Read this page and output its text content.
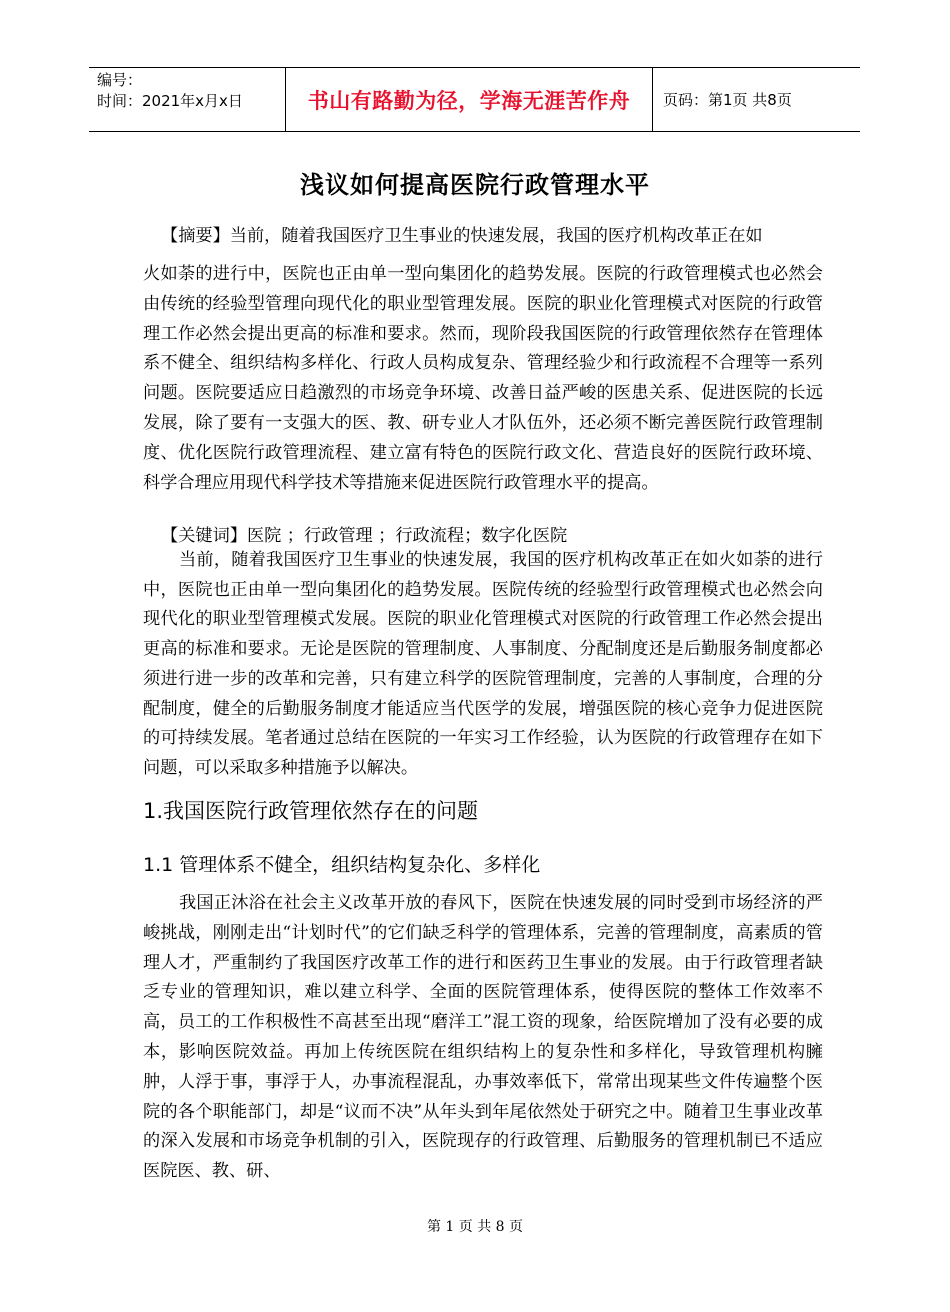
编号：
时间：2021年x月x日	书山有路勤为径，学海无涯苦作舟	页码：第1页 共8页
浅议如何提高医院行政管理水平
【摘要】当前，随着我国医疗卫生事业的快速发展，我国的医疗机构改革正在如
火如荼的进行中，医院也正由单一型向集团化的趋势发展。医院的行政管理模式也必然会由传统的经验型管理向现代化的职业型管理发展。医院的职业化管理模式对医院的行政管理工作必然会提出更高的标准和要求。然而，现阶段我国医院的行政管理依然存在管理体系不健全、组织结构多样化、行政人员构成复杂、管理经验少和行政流程不合理等一系列问题。医院要适应日趋激烈的市场竞争环境、改善日益严峻的医患关系、促进医院的长远发展，除了要有一支强大的医、教、研专业人才队伍外，还必须不断完善医院行政管理制度、优化医院行政管理流程、建立富有特色的医院行政文化、营造良好的医院行政环境、科学合理应用现代科学技术等措施来促进医院行政管理水平的提高。
【关键词】医院 ；行政管理 ；行政流程；数字化医院
当前，随着我国医疗卫生事业的快速发展，我国的医疗机构改革正在如火如荼的进行中，医院也正由单一型向集团化的趋势发展。医院传统的经验型行政管理模式也必然会向现代化的职业型管理模式发展。医院的职业化管理模式对医院的行政管理工作必然会提出更高的标准和要求。无论是医院的管理制度、人事制度、分配制度还是后勤服务制度都必须进行进一步的改革和完善，只有建立科学的医院管理制度，完善的人事制度，合理的分配制度，健全的后勤服务制度才能适应当代医学的发展，增强医院的核心竞争力促进医院的可持续发展。笔者通过总结在医院的一年实习工作经验，认为医院的行政管理存在如下问题，可以采取多种措施予以解决。
1.我国医院行政管理依然存在的问题
1.1 管理体系不健全，组织结构复杂化、多样化
我国正沐浴在社会主义改革开放的春风下，医院在快速发展的同时受到市场经济的严峻挑战，刚刚走出“计划时代”的它们缺乏科学的管理体系，完善的管理制度，高素质的管理人才，严重制约了我国医疗改革工作的进行和医药卫生事业的发展。由于行政管理者缺乏专业的管理知识，难以建立科学、全面的医院管理体系，使得医院的整体工作效率不高，员工的工作积极性不高甚至出现“磨洋工”混工资的现象，给医院增加了没有必要的成本，影响医院效益。再加上传统医院在组织结构上的复杂性和多样化，导致管理机构臃肿，人浮于事，事浮于人，办事流程混乱，办事效率低下，常常出现某些文件传遍整个医院的各个职能部门，却是“议而不决”从年头到年尾依然处于研究之中。随着卫生事业改革的深入发展和市场竞争机制的引入，医院现存的行政管理、后勤服务的管理机制已不适应医院医、教、研、
第 1 页 共 8 页
